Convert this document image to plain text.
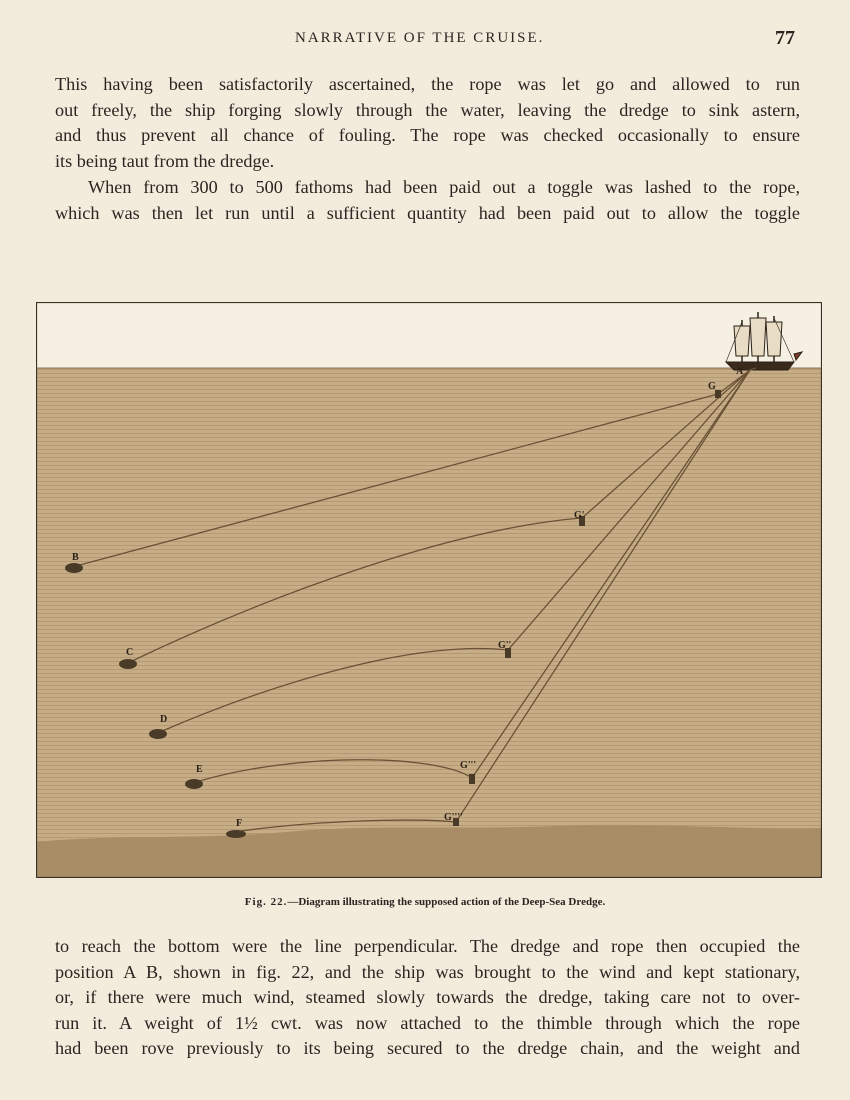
NARRATIVE OF THE CRUISE.	77

This having been satisfactorily ascertained, the rope was let go and allowed to run

out freely, the ship forging slowly through the water, leaving the dredge to sink astern,

and thus prevent all chance of fouling. The rope was checked occasionally to ensure

its being taut from the dredge.

When from 300 to 500 fathoms had been paid out a toggle was lashed to the rope,

which was then let run until a sufficient quantity had been paid out to allow the toggle

A
B
C
D
E
F
G
G'
G''
G'''
G''''
Fig. 22.—Diagram illustrating the supposed action of the Deep-Sea Dredge.

to reach the bottom were the line perpendicular. The dredge and rope then occupied the

position A B, shown in fig. 22, and the ship was brought to the wind and kept stationary,

or, if there were much wind, steamed slowly towards the dredge, taking care not to over-

run it. A weight of 1½ cwt. was now attached to the thimble through which the rope

had been rove previously to its being secured to the dredge chain, and the weight and
